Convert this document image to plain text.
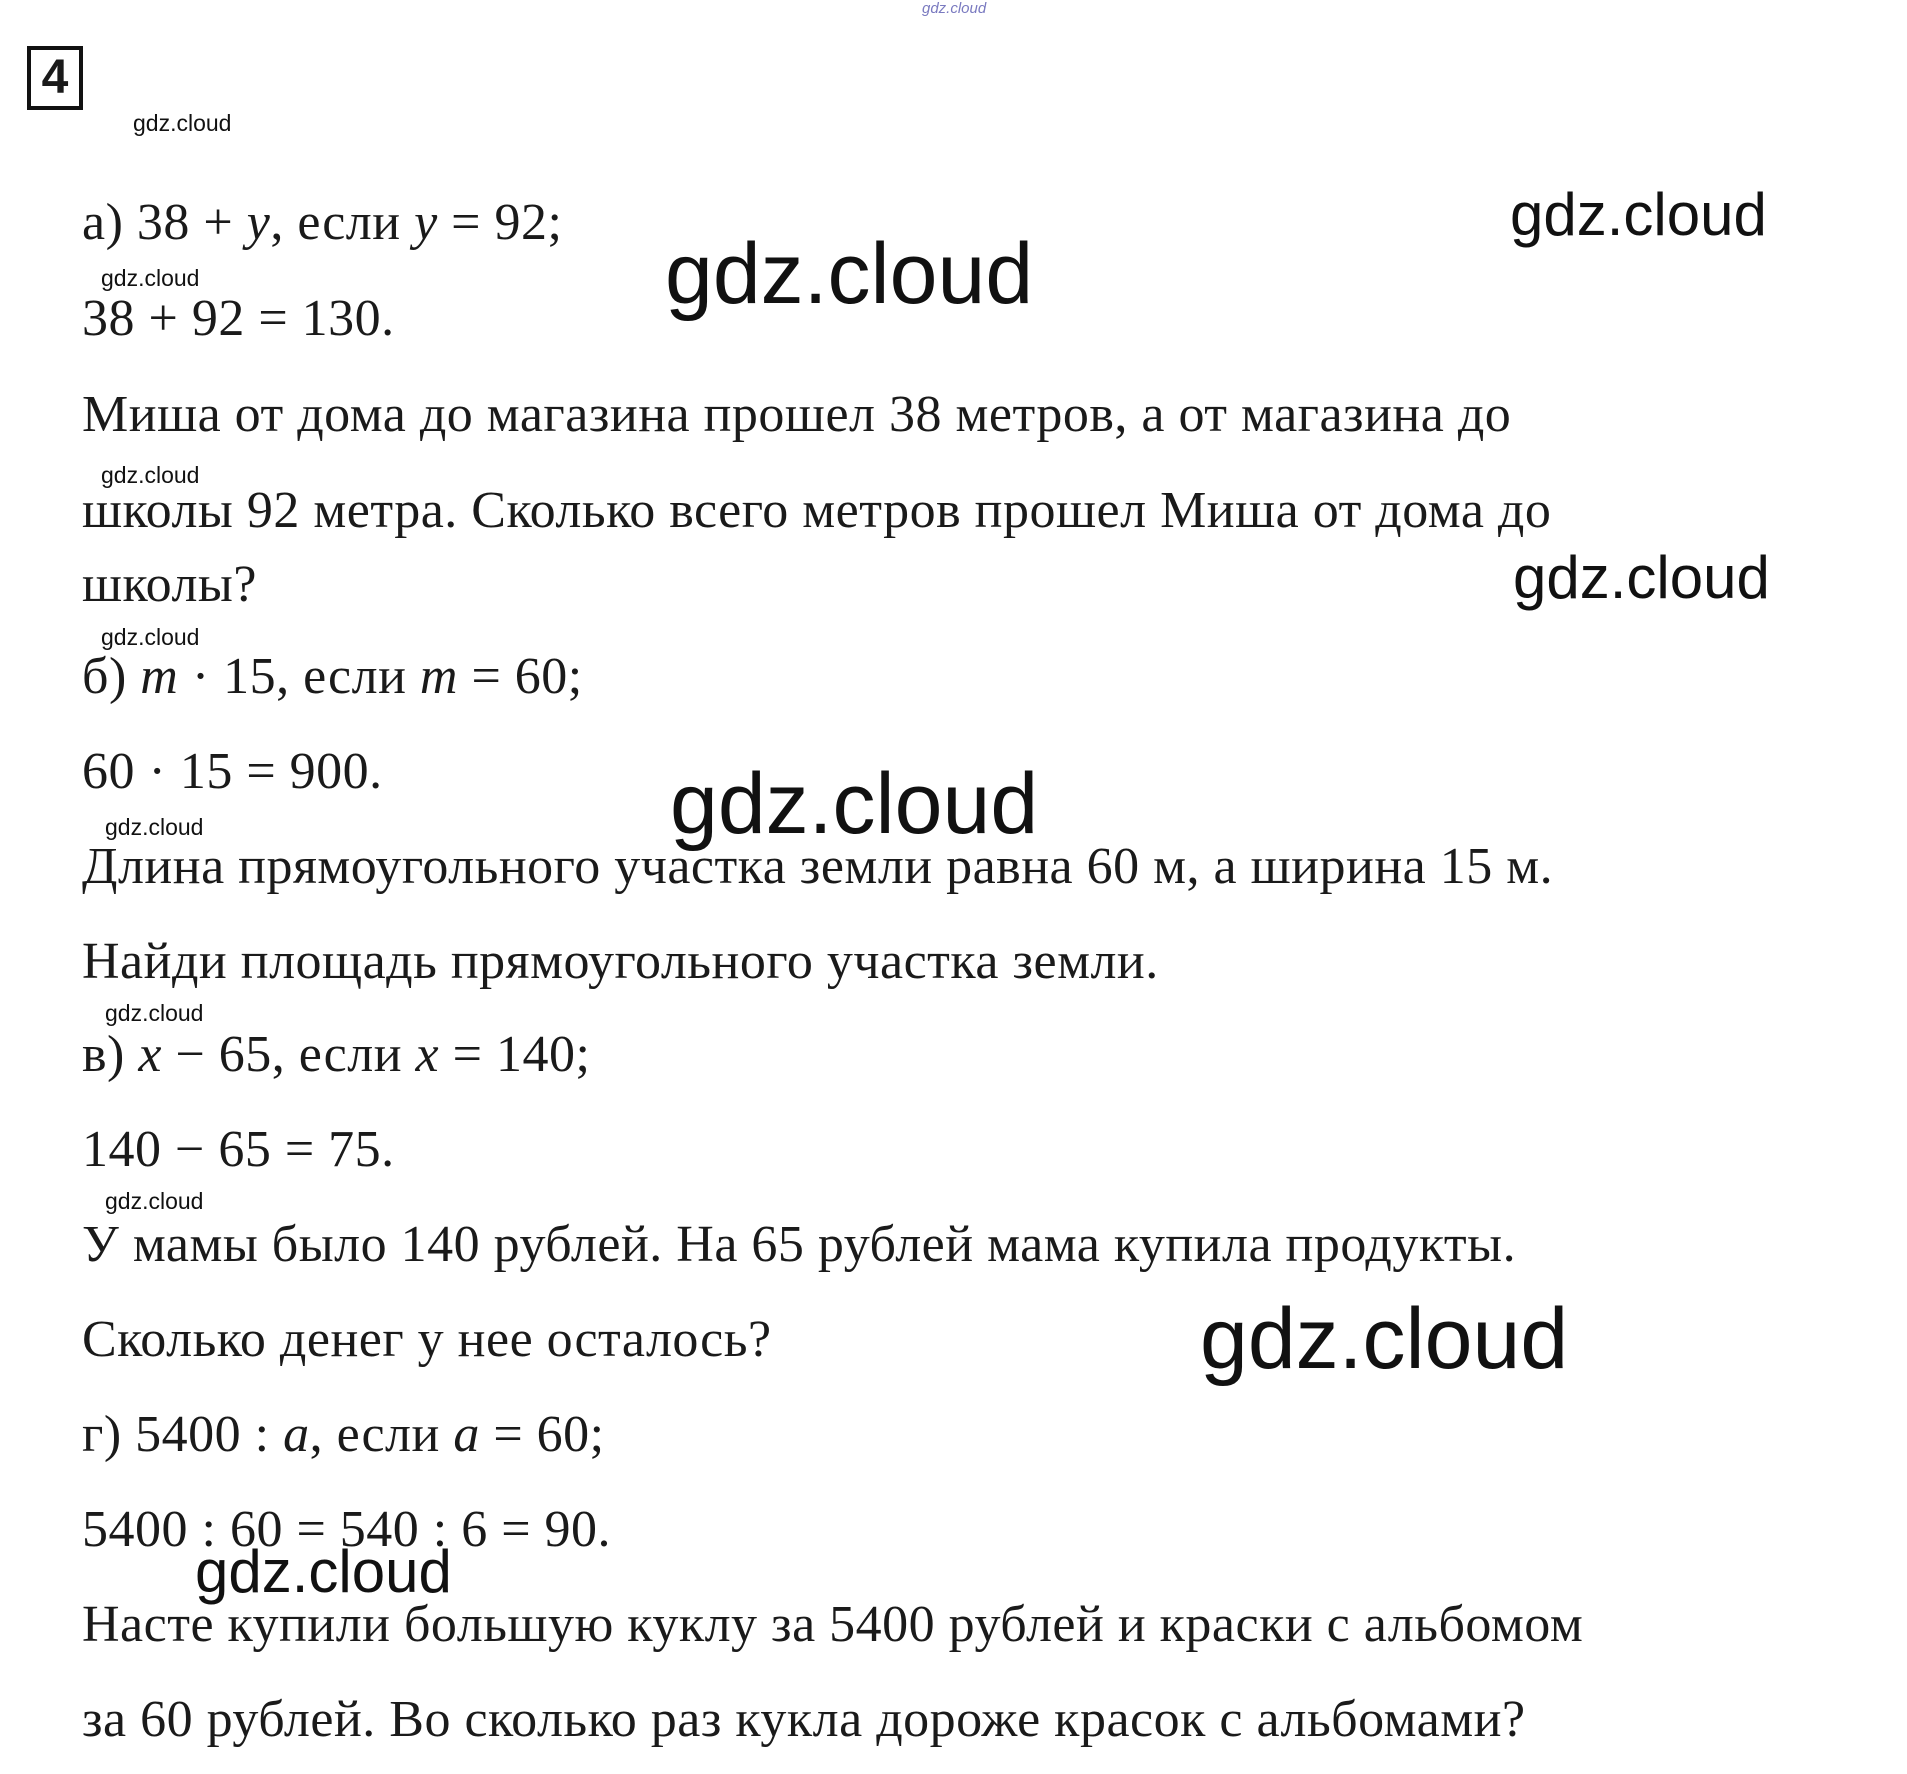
4
а) 38 + y, если y = 92;
38 + 92 = 130.
Миша от дома до магазина прошел 38 метров, а от магазина до
школы 92 метра. Сколько всего метров прошел Миша от дома до
школы?
б) m · 15, если m = 60;
60 · 15 = 900.
Длина прямоугольного участка земли равна 60 м, а ширина 15 м.
Найди площадь прямоугольного участка земли.
в) x − 65, если x = 140;
140 − 65 = 75.
У мамы было 140 рублей. На 65 рублей мама купила продукты.
Сколько денег у нее осталось?
г) 5400 : a, если a = 60;
5400 : 60 = 540 : 6 = 90.
Насте купили большую куклу за 5400 рублей и краски с альбомом
за 60 рублей. Во сколько раз кукла дороже красок с альбомами?
gdz.cloud
gdz.cloud
gdz.cloud
gdz.cloud
gdz.cloud
gdz.cloud
gdz.cloud
gdz.cloud
gdz.cloud
gdz.cloud
gdz.cloud
gdz.cloud
gdz.cloud
gdz.cloud
